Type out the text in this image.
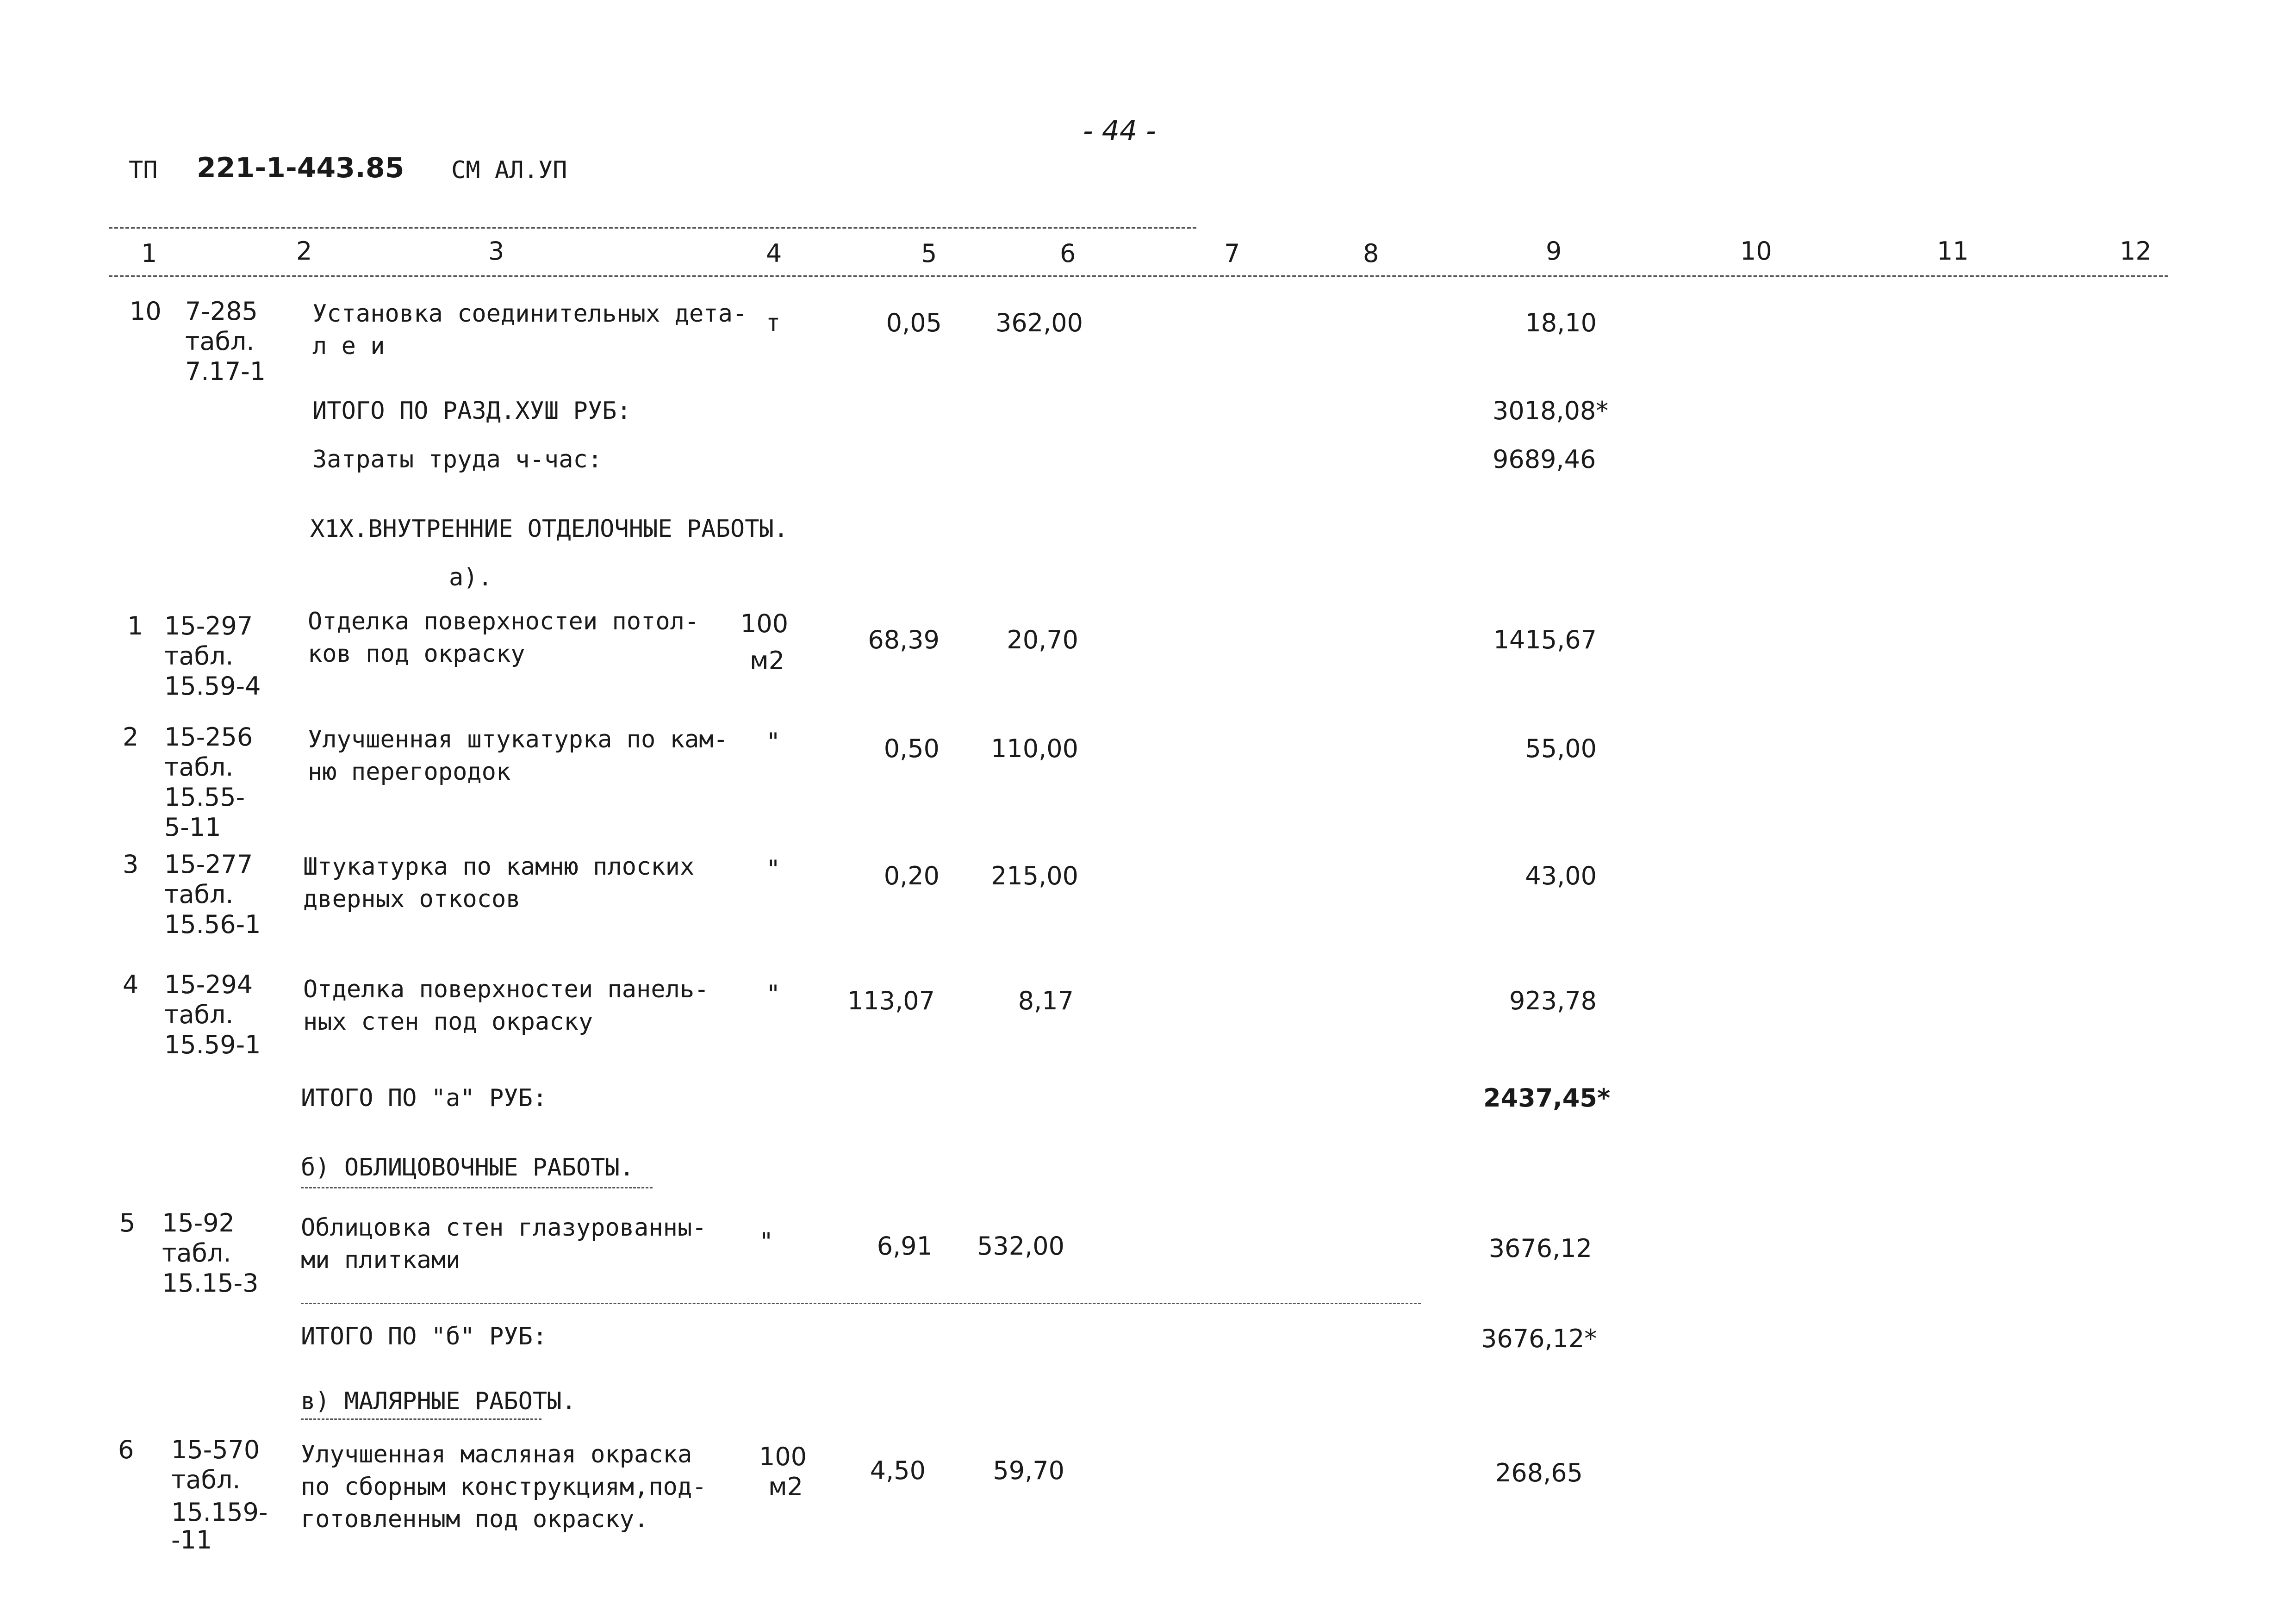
- 44 -
ТП 221-1-443.85 СМ АЛ.УП
1	2	3	4	5	6	7	8	9	10	11	12
10 7-285
табл.
7.17-1
Установка соединительных дета-
л е и
т	0,05	362,00	18,10
ИТОГО ПО РАЗД.ХУШ РУБ:	3018,08*
Затраты труда ч-час:	9689,46
Х1Х.ВНУТРЕННИЕ ОТДЕЛОЧНЫЕ РАБОТЫ.
а).
1 15-297
табл.
15.59-4
Отделка поверхностеи потол-
ков под окраску
100
м2
68,39	20,70	1415,67
2 15-256
табл.
15.55-
5-11
Улучшенная штукатурка по кам-
ню перегородок
"	0,50	110,00	55,00
3 15-277
табл.
15.56-1
Штукатурка по камню плоских
дверных откосов
"	0,20	215,00	43,00
4 15-294
табл.
15.59-1
Отделка поверхностеи панель-
ных стен под окраску
"	113,07	8,17	923,78
ИТОГО ПО "а" РУБ:	2437,45*
б) ОБЛИЦОВОЧНЫЕ РАБОТЫ.
5 15-92
табл.
15.15-3
Облицовка стен глазурованны-
ми плитками
"	6,91	532,00	3676,12
ИТОГО ПО "б" РУБ:	3676,12*
в) МАЛЯРНЫЕ РАБОТЫ.
6 15-570
табл.
15.159-
-11
Улучшенная масляная окраска
по сборным конструкциям,под-
готовленным под окраску.
100
м2
4,50	59,70	268,65
